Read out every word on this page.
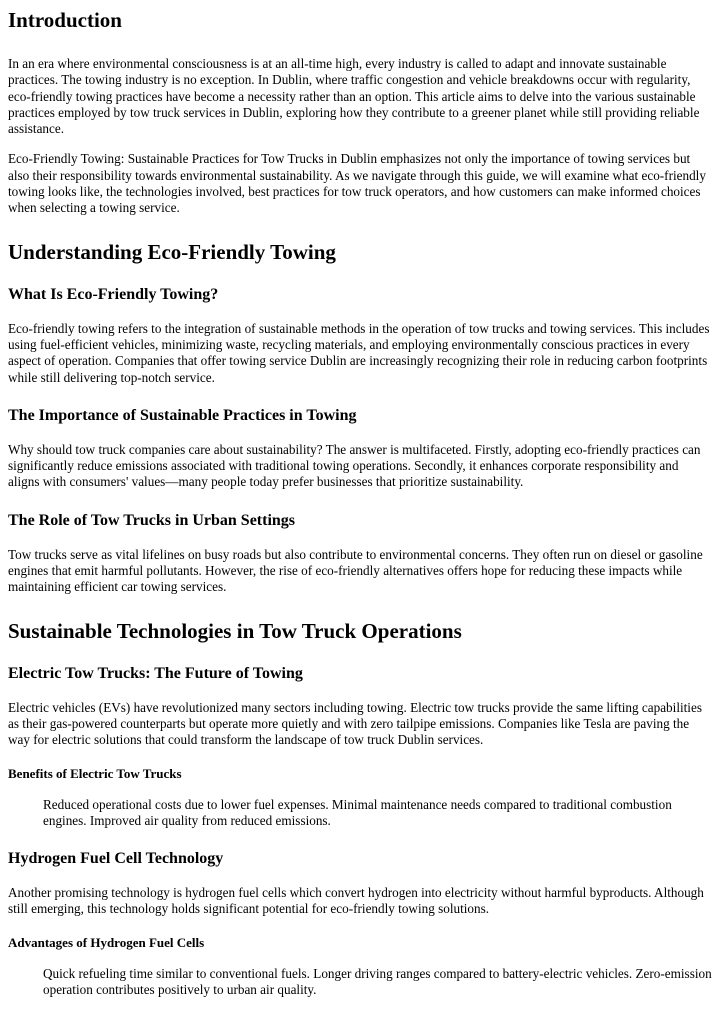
Introduction

In an era where environmental consciousness is at an all-time high, every industry is called to adapt and innovate sustainable practices. The towing industry is no exception. In Dublin, where traffic congestion and vehicle breakdowns occur with regularity, eco-friendly towing practices have become a necessity rather than an option. This article aims to delve into the various sustainable practices employed by tow truck services in Dublin, exploring how they contribute to a greener planet while still providing reliable assistance.

Eco-Friendly Towing: Sustainable Practices for Tow Trucks in Dublin emphasizes not only the importance of towing services but also their responsibility towards environmental sustainability. As we navigate through this guide, we will examine what eco-friendly towing looks like, the technologies involved, best practices for tow truck operators, and how customers can make informed choices when selecting a towing service.

Understanding Eco-Friendly Towing
What Is Eco-Friendly Towing?

Eco-friendly towing refers to the integration of sustainable methods in the operation of tow trucks and towing services. This includes using fuel-efficient vehicles, minimizing waste, recycling materials, and employing environmentally conscious practices in every aspect of operation. Companies that offer towing service Dublin are increasingly recognizing their role in reducing carbon footprints while still delivering top-notch service.

The Importance of Sustainable Practices in Towing

Why should tow truck companies care about sustainability? The answer is multifaceted. Firstly, adopting eco-friendly practices can significantly reduce emissions associated with traditional towing operations. Secondly, it enhances corporate responsibility and aligns with consumers' values—many people today prefer businesses that prioritize sustainability.

The Role of Tow Trucks in Urban Settings

Tow trucks serve as vital lifelines on busy roads but also contribute to environmental concerns. They often run on diesel or gasoline engines that emit harmful pollutants. However, the rise of eco-friendly alternatives offers hope for reducing these impacts while maintaining efficient car towing services.

Sustainable Technologies in Tow Truck Operations
Electric Tow Trucks: The Future of Towing

Electric vehicles (EVs) have revolutionized many sectors including towing. Electric tow trucks provide the same lifting capabilities as their gas-powered counterparts but operate more quietly and with zero tailpipe emissions. Companies like Tesla are paving the way for electric solutions that could transform the landscape of tow truck Dublin services.

Benefits of Electric Tow Trucks

Reduced operational costs due to lower fuel expenses. Minimal maintenance needs compared to traditional combustion engines. Improved air quality from reduced emissions.

Hydrogen Fuel Cell Technology

Another promising technology is hydrogen fuel cells which convert hydrogen into electricity without harmful byproducts. Although still emerging, this technology holds significant potential for eco-friendly towing solutions.

Advantages of Hydrogen Fuel Cells

Quick refueling time similar to conventional fuels. Longer driving ranges compared to battery-electric vehicles. Zero-emission operation contributes positively to urban air quality.
